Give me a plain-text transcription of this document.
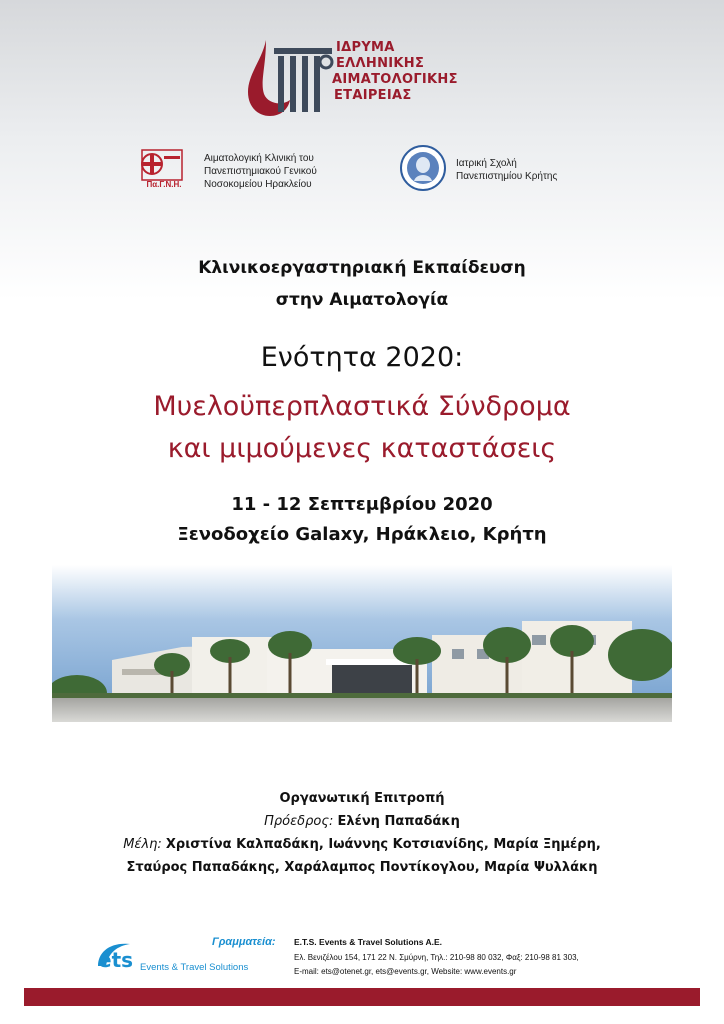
ΙΔΡΥΜΑ
ΕΛΛΗΝΙΚΗΣ
ΑΙΜΑΤΟΛΟΓΙΚΗΣ
ΕΤΑΙΡΕΙΑΣ
Πα.Γ.Ν.Η.
Αιματολογική Κλινική του
Πανεπιστημιακού Γενικού
Νοσοκομείου Ηρακλείου
Ιατρική Σχολή
Πανεπιστημίου Κρήτης
Κλινικοεργαστηριακή Εκπαίδευση
στην Αιματολογία
Ενότητα 2020:
Μυελοϋπερπλαστικά Σύνδρομα
και μιμούμενες καταστάσεις
11 - 12 Σεπτεμβρίου 2020
Ξενοδοχείο Galaxy, Ηράκλειο, Κρήτη
Οργανωτική Επιτροπή
Πρόεδρος: Ελένη Παπαδάκη
Μέλη: Χριστίνα Καλπαδάκη, Ιωάννης Κοτσιανίδης, Μαρία Ξημέρη,
Σταύρος Παπαδάκης, Χαράλαμπος Ποντίκογλου, Μαρία Ψυλλάκη
ets Events & Travel Solutions
Γραμματεία: E.T.S. Events & Travel Solutions A.E.
Ελ. Βενιζέλου 154, 171 22 Ν. Σμύρνη, Τηλ.: 210-98 80 032, Φαξ: 210-98 81 303,
E-mail: ets@otenet.gr, ets@events.gr, Website: www.events.gr
